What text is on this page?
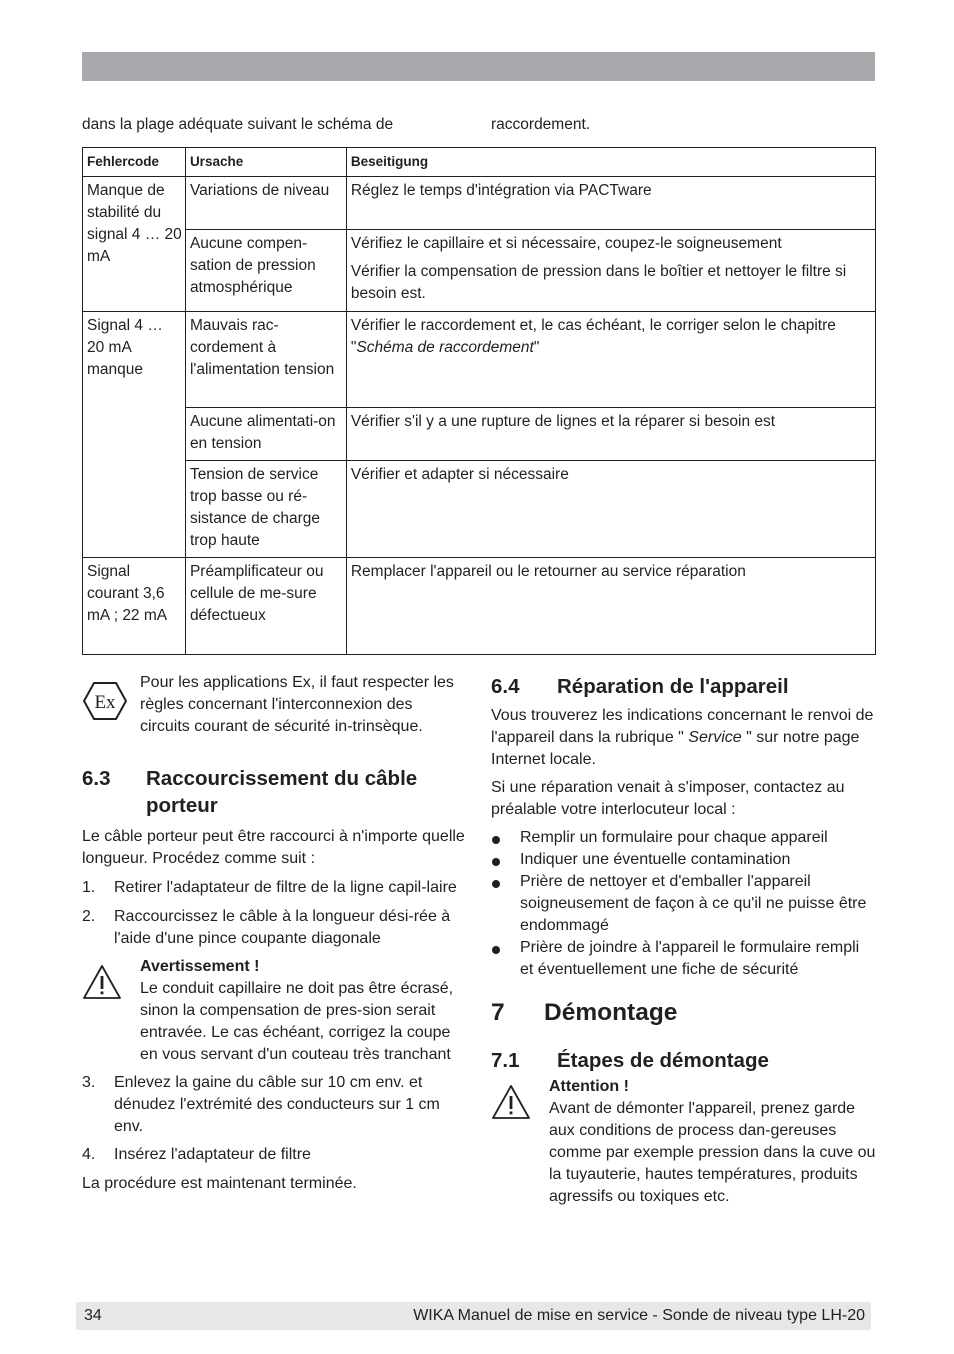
dans la plage adéquate suivant le schéma de	raccordement.
Fehlercode	Ursache	Beseitigung
Manque de stabilité du signal 4 … 20 mA	Variations de niveau	Réglez le temps d'intégration via PACTware

	Aucune compen-sation de pression atmosphérique	Vérifiez le capillaire et si nécessaire, coupez-le soigneusement
Vérifier la compensation de pression dans le boîtier et nettoyer le filtre si besoin est.

Signal 4 … 20 mA manque	Mauvais rac-cordement à l'alimentation tension	Vérifier le raccordement et, le cas échéant, le corriger selon le chapitre "Schéma de raccordement"
	Aucune alimentati-on en tension	Vérifier s'il y a une rupture de lignes et la réparer si besoin est

	Tension de service trop basse ou ré-sistance de charge trop haute	Vérifier et adapter si nécessaire

Signal courant 3,6 mA ; 22 mA	Préamplificateur ou cellule de me-sure défectueux	Remplacer l'appareil ou le retourner au service réparation
Ex

Pour les applications Ex, il faut respecter les règles concernant l'interconnexion des circuits courant de sécurité in-trinsèque.

6.3 Raccourcissement du câble porteur

Le câble porteur peut être raccourci à n'importe quelle longueur. Procédez comme suit :

1. Retirer l'adaptateur de filtre de la ligne capil-laire

2. Raccourcissez le câble à la longueur dési-rée à l'aide d'une pince coupante diagonale

Avertissement !

Le conduit capillaire ne doit pas être écrasé, sinon la compensation de pres-sion serait entravée. Le cas échéant, corrigez la coupe en vous servant d'un couteau très tranchant

3. Enlevez la gaine du câble sur 10 cm env. et dénudez l'extrémité des conducteurs sur 1 cm env.

4. Insérez l'adaptateur de filtre

La procédure est maintenant terminée.

6.4 Réparation de l'appareil

Vous trouverez les indications concernant le renvoi de l'appareil dans la rubrique " Service " sur notre page Internet locale.

Si une réparation venait à s'imposer, contactez au préalable votre interlocuteur local :

Remplir un formulaire pour chaque appareil
Indiquer une éventuelle contamination
Prière de nettoyer et d'emballer l'appareil soigneusement de façon à ce qu'il ne puisse être endommagé
Prière de joindre à l'appareil le formulaire rempli et éventuellement une fiche de sécurité
7 Démontage
7.1 Étapes de démontage

Attention !

Avant de démonter l'appareil, prenez garde aux conditions de process dan-gereuses comme par exemple pression dans la cuve ou la tuyauterie, hautes températures, produits agressifs ou toxiques etc.

34	WIKA Manuel de mise en service - Sonde de niveau type LH-20
